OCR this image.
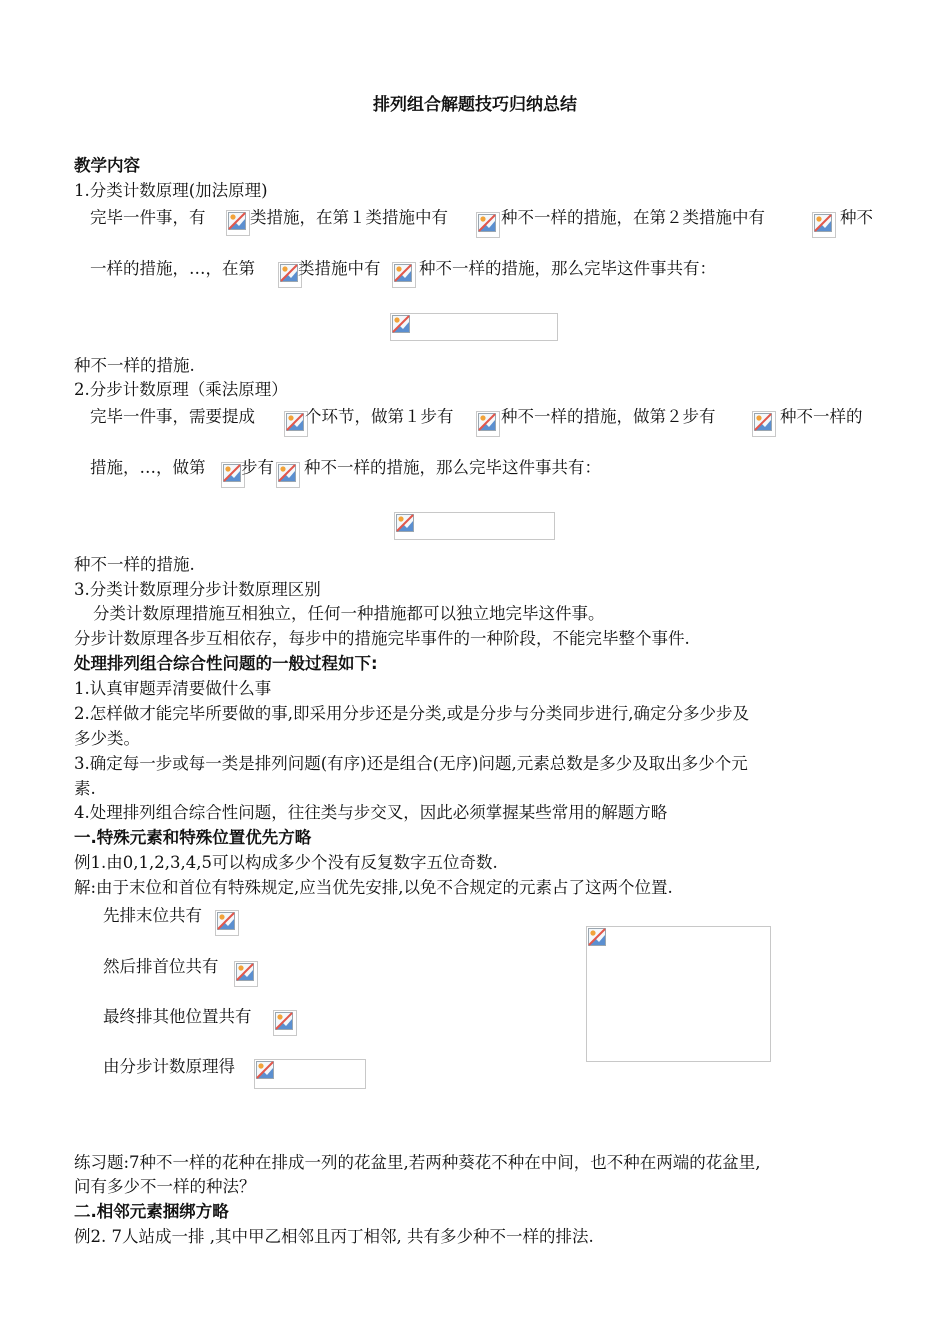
排列组合解题技巧归纳总结
教学内容
1.分类计数原理(加法原理)
完毕一件事，有	类措施，在第１类措施中有	种不一样的措施，在第２类措施中有	种不
一样的措施，…，在第	类措施中有 种不一样的措施，那么完毕这件事共有：
种不一样的措施.
2.分步计数原理（乘法原理）
完毕一件事，需要提成	个环节，做第１步有	种不一样的措施，做第２步有	种不一样的
措施，…，做第 步有 种不一样的措施，那么完毕这件事共有：
种不一样的措施.
3.分类计数原理分步计数原理区别
分类计数原理措施互相独立，任何一种措施都可以独立地完毕这件事。
分步计数原理各步互相依存，每步中的措施完毕事件的一种阶段，不能完毕整个事件.
处理排列组合综合性问题的一般过程如下:
1.认真审题弄清要做什么事
2.怎样做才能完毕所要做的事,即采用分步还是分类,或是分步与分类同步进行,确定分多少步及
多少类。
3.确定每一步或每一类是排列问题(有序)还是组合(无序)问题,元素总数是多少及取出多少个元
素.
4.处理排列组合综合性问题，往往类与步交叉，因此必须掌握某些常用的解题方略
一.特殊元素和特殊位置优先方略
例1.由0,1,2,3,4,5可以构成多少个没有反复数字五位奇数.
解:由于末位和首位有特殊规定,应当优先安排,以免不合规定的元素占了这两个位置.
先排末位共有
然后排首位共有
最终排其他位置共有
由分步计数原理得
练习题:7种不一样的花种在排成一列的花盆里,若两种葵花不种在中间，也不种在两端的花盆里,
问有多少不一样的种法？
二.相邻元素捆绑方略
例2. 7人站成一排 ,其中甲乙相邻且丙丁相邻, 共有多少种不一样的排法.
